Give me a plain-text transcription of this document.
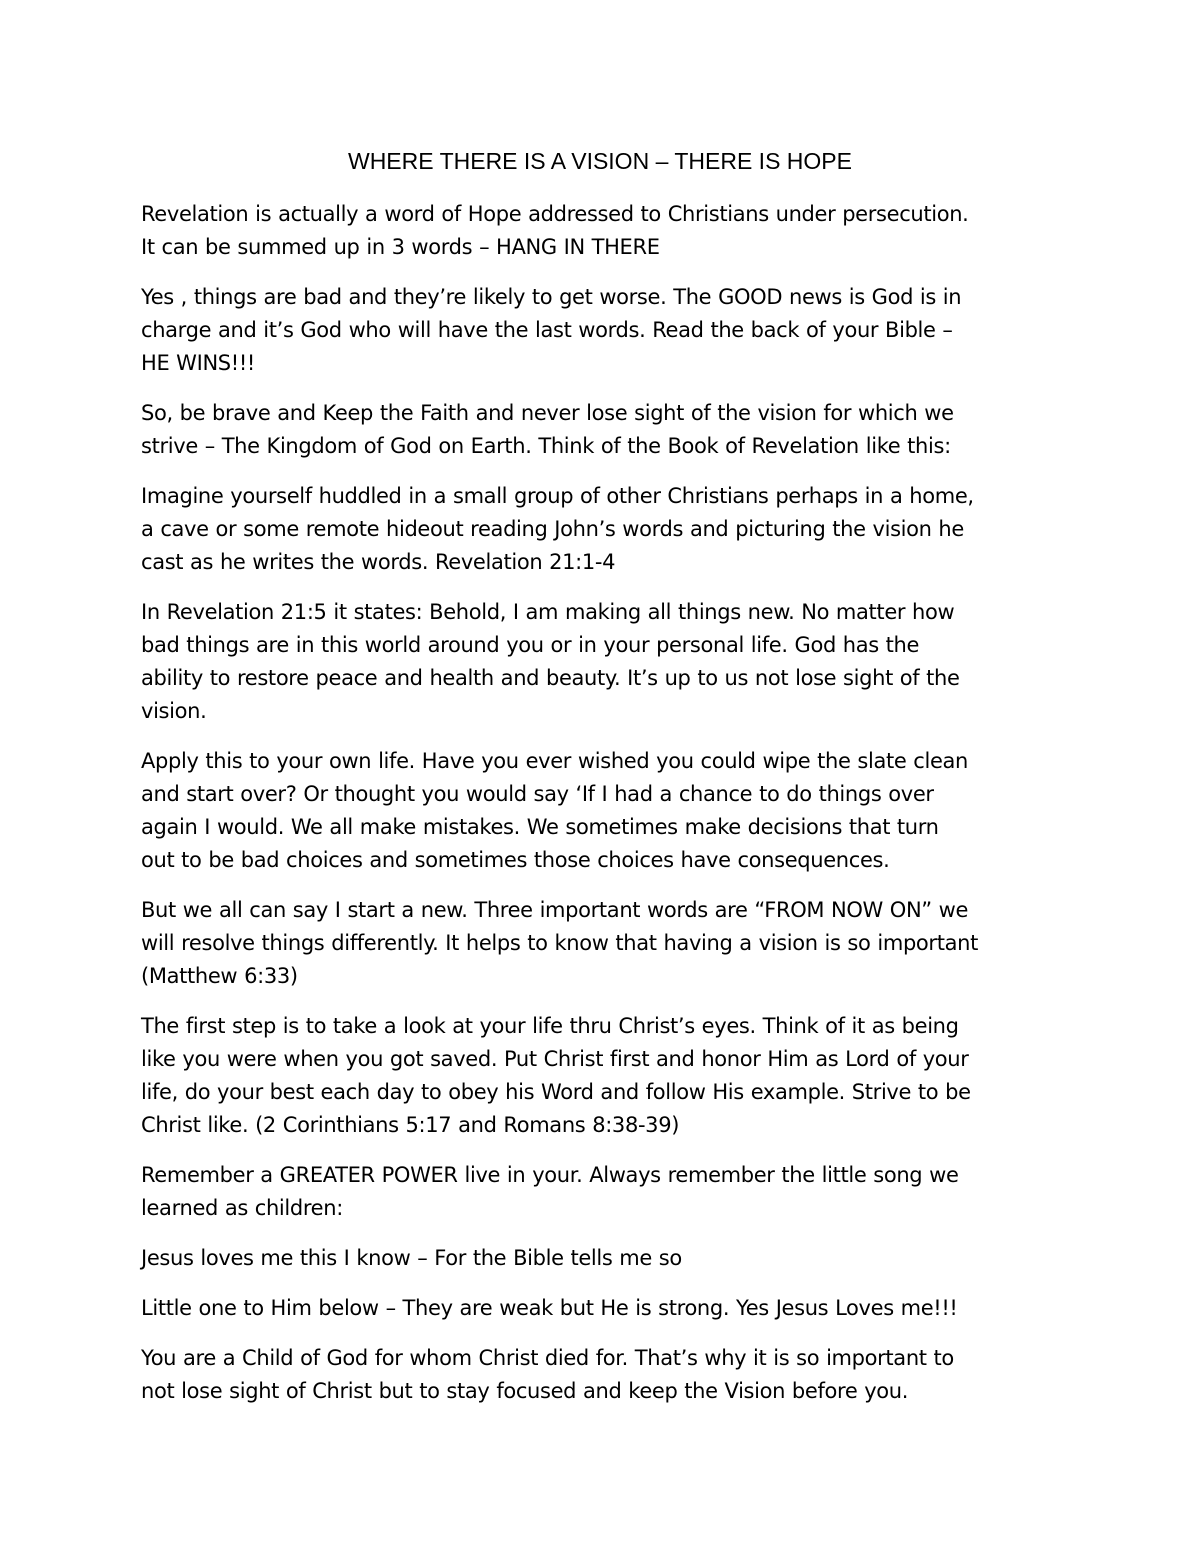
WHERE THERE IS A VISION – THERE IS HOPE

Revelation is actually a word of Hope addressed to Christians under persecution.
It can be summed up in 3 words – HANG IN THERE

Yes , things are bad and they’re likely to get worse. The GOOD news is God is in
charge and it’s God who will have the last words. Read the back of your Bible –
HE WINS!!!

So, be brave and Keep the Faith and never lose sight of the vision for which we
strive – The Kingdom of God on Earth. Think of the Book of Revelation like this:

Imagine yourself huddled in a small group of other Christians perhaps in a home,
a cave or some remote hideout reading John’s words and picturing the vision he
cast as he writes the words. Revelation 21:1-4

In Revelation 21:5 it states: Behold, I am making all things new. No matter how
bad things are in this world around you or in your personal life. God has the
ability to restore peace and health and beauty. It’s up to us not lose sight of the
vision.

Apply this to your own life. Have you ever wished you could wipe the slate clean
and start over? Or thought you would say ‘If I had a chance to do things over
again I would. We all make mistakes. We sometimes make decisions that turn
out to be bad choices and sometimes those choices have consequences.

But we all can say I start a new. Three important words are “FROM NOW ON” we
will resolve things differently. It helps to know that having a vision is so important
(Matthew 6:33)

The first step is to take a look at your life thru Christ’s eyes. Think of it as being
like you were when you got saved. Put Christ first and honor Him as Lord of your
life, do your best each day to obey his Word and follow His example. Strive to be
Christ like. (2 Corinthians 5:17 and Romans 8:38-39)

Remember a GREATER POWER live in your. Always remember the little song we
learned as children:

Jesus loves me this I know – For the Bible tells me so

Little one to Him below – They are weak but He is strong. Yes Jesus Loves me!!!

You are a Child of God for whom Christ died for. That’s why it is so important to
not lose sight of Christ but to stay focused and keep the Vision before you.
